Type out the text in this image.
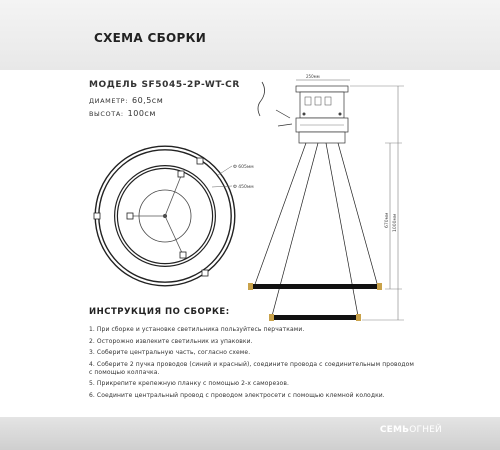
СХЕМА СБОРКИ
МОДЕЛЬ SF5045-2P-WT-CR
ДИАМЕТР: 60,5см
ВЫСОТА: 100см
Ф 605мм
Ф 450мм
250мм
670мм 1000мм
ИНСТРУКЦИЯ ПО СБОРКЕ:
1. При сборке и установке светильника пользуйтесь перчатками.
2. Осторожно извлеките светильник из упаковки.
3. Соберите центральную часть, согласно схеме.
4. Соберите 2 пучка проводов (синий и красный), соедините провода с соединительным проводом с помощью колпачка.
5. Прикрепите крепежную планку с помощью 2-х саморезов.
6. Соедините центральный провод с проводом электросети с помощью клемной колодки.
СЕМЬОГНЕЙ
